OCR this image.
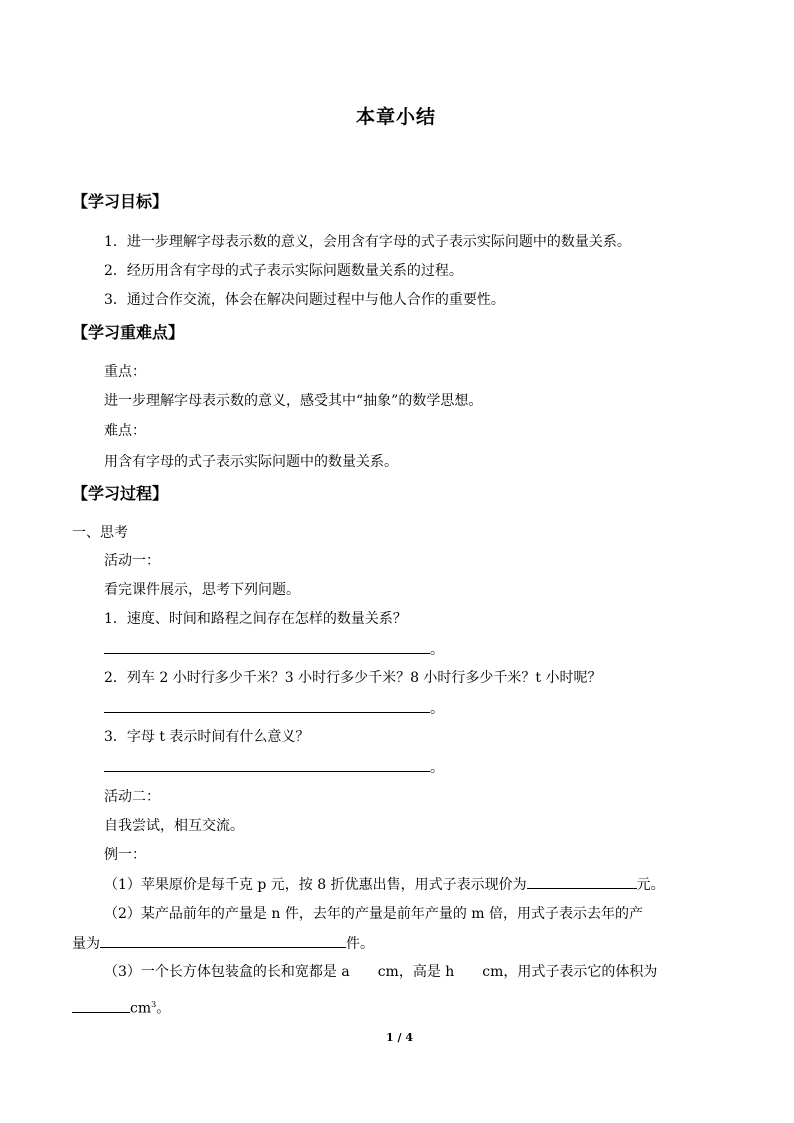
本章小结
【学习目标】
1．进一步理解字母表示数的意义，会用含有字母的式子表示实际问题中的数量关系。
2．经历用含有字母的式子表示实际问题数量关系的过程。
3．通过合作交流，体会在解决问题过程中与他人合作的重要性。
【学习重难点】
重点：
进一步理解字母表示数的意义，感受其中“抽象”的数学思想。
难点：
用含有字母的式子表示实际问题中的数量关系。
【学习过程】
一、思考
活动一：
看完课件展示，思考下列问题。
1．速度、时间和路程之间存在怎样的数量关系？
。
2．列车 2 小时行多少千米？3 小时行多少千米？8 小时行多少千米？t 小时呢？
。
3．字母 t 表示时间有什么意义？
。
活动二：
自我尝试，相互交流。
例一：
（1）苹果原价是每千克 p 元，按 8 折优惠出售，用式子表示现价为	元。
（2）某产品前年的产量是 n 件，去年的产量是前年产量的 m 倍，用式子表示去年的产
量为	件。
（3）一个长方体包装盒的长和宽都是 a　　cm，高是 h　　cm，用式子表示它的体积为
$cm^3$。
1 / 4
